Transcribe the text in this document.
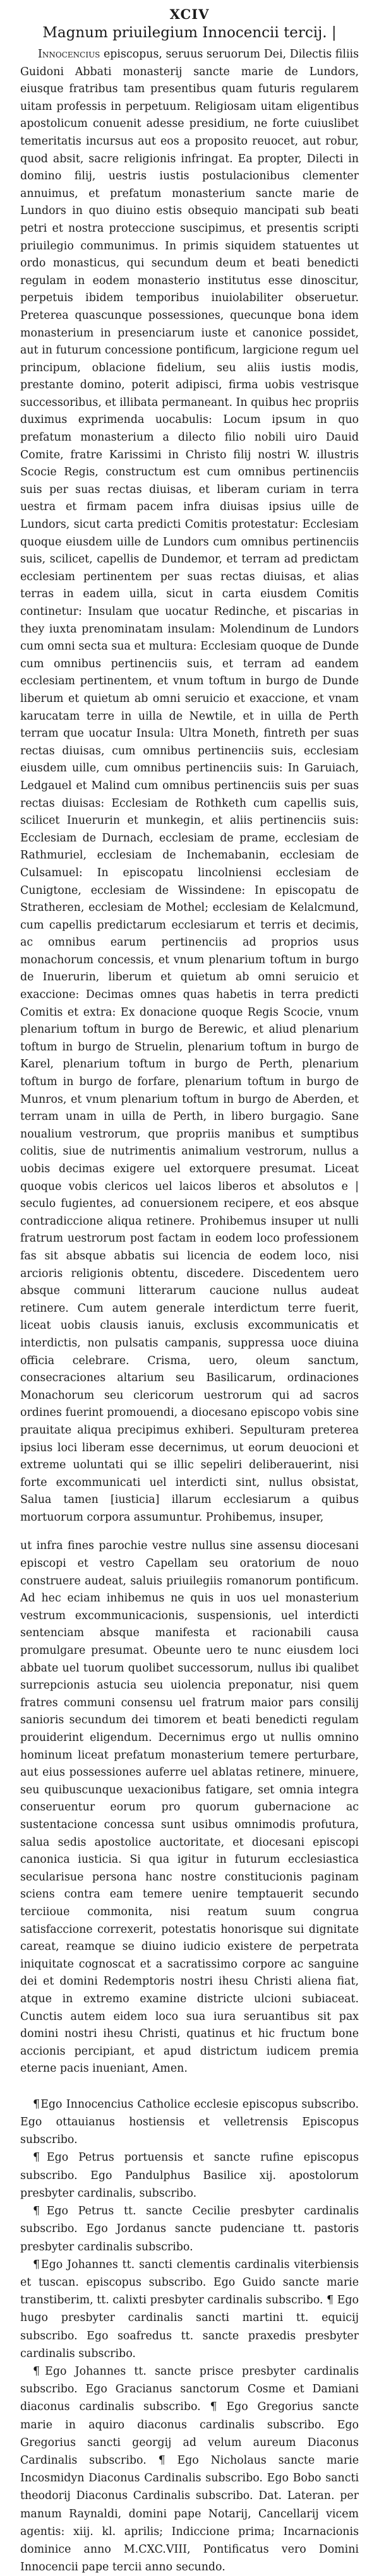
XCIV
Magnum priuilegium Innocencii tercij. |

Innocencius episcopus, seruus seruorum Dei, Dilectis filiis Guidoni Abbati monasterij sancte marie de Lundors, eiusque fratribus tam presentibus quam futuris regularem uitam professis in perpetuum. Religiosam uitam eligentibus apostolicum conuenit adesse presidium, ne forte cuiuslibet temeritatis incursus aut eos a proposito reuocet, aut robur, quod absit, sacre religionis infringat. Ea propter, Dilecti in domino filij, uestris iustis postulacionibus clementer annuimus, et prefatum monasterium sancte marie de Lundors in quo diuino estis obsequio mancipati sub beati petri et nostra proteccione suscipimus, et presentis scripti priuilegio communimus. In primis siquidem statuentes ut ordo monasticus, qui secundum deum et beati benedicti regulam in eodem monasterio institutus esse dinoscitur, perpetuis ibidem temporibus inuiolabiliter obseruetur. Preterea quascunque possessiones, quecunque bona idem monasterium in presenciarum iuste et canonice possidet, aut in futurum concessione pontificum, largicione regum uel principum, oblacione fidelium, seu aliis iustis modis, prestante domino, poterit adipisci, firma uobis vestrisque successoribus, et illibata permaneant. In quibus hec propriis duximus exprimenda uocabulis: Locum ipsum in quo prefatum monasterium a dilecto filio nobili uiro Dauid Comite, fratre Karissimi in Christo filij nostri W. illustris Scocie Regis, constructum est cum omnibus pertinenciis suis per suas rectas diuisas, et liberam curiam in terra uestra et firmam pacem infra diuisas ipsius uille de Lundors, sicut carta predicti Comitis protestatur: Ecclesiam quoque eiusdem uille de Lundors cum omnibus pertinenciis suis, scilicet, capellis de Dundemor, et terram ad predictam ecclesiam pertinentem per suas rectas diuisas, et alias terras in eadem uilla, sicut in carta eiusdem Comitis continetur: Insulam que uocatur Redinche, et piscarias in they iuxta prenominatam insulam: Molendinum de Lundors cum omni secta sua et multura: Ecclesiam quoque de Dunde cum omnibus pertinenciis suis, et terram ad eandem ecclesiam pertinentem, et vnum toftum in burgo de Dunde liberum et quietum ab omni seruicio et exaccione, et vnam karucatam terre in uilla de Newtile, et in uilla de Perth terram que uocatur Insula: Ultra Moneth, fintreth per suas rectas diuisas, cum omnibus pertinenciis suis, ecclesiam eiusdem uille, cum omnibus pertinenciis suis: In Garuiach, Ledgauel et Malind cum omnibus pertinenciis suis per suas rectas diuisas: Ecclesiam de Rothketh cum capellis suis, scilicet Inuerurin et munkegin, et aliis pertinenciis suis: Ecclesiam de Durnach, ecclesiam de prame, ecclesiam de Rathmuriel, ecclesiam de Inchemabanin, ecclesiam de Culsamuel: In episcopatu lincolniensi ecclesiam de Cunigtone, ecclesiam de Wissindene: In episcopatu de Stratheren, ecclesiam de Mothel; ecclesiam de Kelalcmund, cum capellis predictarum ecclesiarum et terris et decimis, ac omnibus earum pertinenciis ad proprios usus monachorum concessis, et vnum plenarium toftum in burgo de Inuerurin, liberum et quietum ab omni seruicio et exaccione: Decimas omnes quas habetis in terra predicti Comitis et extra: Ex donacione quoque Regis Scocie, vnum plenarium toftum in burgo de Berewic, et aliud plenarium toftum in burgo de Struelin, plenarium toftum in burgo de Karel, plenarium toftum in burgo de Perth, plenarium toftum in burgo de forfare, plenarium toftum in burgo de Munros, et vnum plenarium toftum in burgo de Aberden, et terram unam in uilla de Perth, in libero burgagio. Sane noualium vestrorum, que propriis manibus et sumptibus colitis, siue de nutrimentis animalium vestrorum, nullus a uobis decimas exigere uel extorquere presumat. Liceat quoque vobis clericos uel laicos liberos et absolutos e | seculo fugientes, ad conuersionem recipere, et eos absque contradiccione aliqua retinere. Prohibemus insuper ut nulli fratrum uestrorum post factam in eodem loco professionem fas sit absque abbatis sui licencia de eodem loco, nisi arcioris religionis obtentu, discedere. Discedentem uero absque communi litterarum caucione nullus audeat retinere. Cum autem generale interdictum terre fuerit, liceat uobis clausis ianuis, exclusis excommunicatis et interdictis, non pulsatis campanis, suppressa uoce diuina officia celebrare. Crisma, uero, oleum sanctum, consecraciones altarium seu Basilicarum, ordinaciones Monachorum seu clericorum uestrorum qui ad sacros ordines fuerint promouendi, a diocesano episcopo vobis sine prauitate aliqua precipimus exhiberi. Sepulturam preterea ipsius loci liberam esse decernimus, ut eorum deuocioni et extreme uoluntati qui se illic sepeliri deliberauerint, nisi forte excommunicati uel interdicti sint, nullus obsistat, Salua tamen [iusticia] illarum ecclesiarum a quibus mortuorum corpora assumuntur. Prohibemus, insuper,

ut infra fines parochie vestre nullus sine assensu diocesani episcopi et vestro Capellam seu oratorium de nouo construere audeat, saluis priuilegiis romanorum pontificum. Ad hec eciam inhibemus ne quis in uos uel monasterium vestrum excommunicacionis, suspensionis, uel interdicti sentenciam absque manifesta et racionabili causa promulgare presumat. Obeunte uero te nunc eiusdem loci abbate uel tuorum quolibet successorum, nullus ibi qualibet surrepcionis astucia seu uiolencia preponatur, nisi quem fratres communi consensu uel fratrum maior pars consilij sanioris secundum dei timorem et beati benedicti regulam prouiderint eligendum. Decernimus ergo ut nullis omnino hominum liceat prefatum monasterium temere perturbare, aut eius possessiones auferre uel ablatas retinere, minuere, seu quibuscunque uexacionibus fatigare, set omnia integra conseruentur eorum pro quorum gubernacione ac sustentacione concessa sunt usibus omnimodis profutura, salua sedis apostolice auctoritate, et diocesani episcopi canonica iusticia. Si qua igitur in futurum ecclesiastica secularisue persona hanc nostre constitucionis paginam sciens contra eam temere uenire temptauerit secundo terciioue commonita, nisi reatum suum congrua satisfaccione correxerit, potestatis honorisque sui dignitate careat, reamque se diuino iudicio existere de perpetrata iniquitate cognoscat et a sacratissimo corpore ac sanguine dei et domini Redemptoris nostri ihesu Christi aliena fiat, atque in extremo examine districte ulcioni subiaceat. Cunctis autem eidem loco sua iura seruantibus sit pax domini nostri ihesu Christi, quatinus et hic fructum bone accionis percipiant, et apud districtum iudicem premia eterne pacis inueniant, Amen.

¶ Ego Innocencius Catholice ecclesie episcopus subscribo. Ego ottauianus hostiensis et velletrensis Episcopus subscribo.

¶ Ego Petrus portuensis et sancte rufine episcopus subscribo. Ego Pandulphus Basilice xij. apostolorum presbyter cardinalis, subscribo.

¶ Ego Petrus tt. sancte Cecilie presbyter cardinalis subscribo. Ego Jordanus sancte pudenciane tt. pastoris presbyter cardinalis subscribo.

¶ Ego Johannes tt. sancti clementis cardinalis viterbiensis et tuscan. episcopus subscribo. Ego Guido sancte marie transtiberim, tt. calixti presbyter cardinalis subscribo. ¶ Ego hugo presbyter cardinalis sancti martini tt. equicij subscribo. Ego soafredus tt. sancte praxedis presbyter cardinalis subscribo.

¶ Ego Johannes tt. sancte prisce presbyter cardinalis subscribo. Ego Gracianus sanctorum Cosme et Damiani diaconus cardinalis subscribo. ¶ Ego Gregorius sancte marie in aquiro diaconus cardinalis subscribo. Ego Gregorius sancti georgij ad velum aureum Diaconus Cardinalis subscribo. ¶ Ego Nicholaus sancte marie Incosmidyn Diaconus Cardinalis subscribo. Ego Bobo sancti theodorij Diaconus Cardinalis subscribo. Dat. Lateran. per manum Raynaldi, domini pape Notarij, Cancellarij vicem agentis: xiij. kl. aprilis; Indiccione prima; Incarnacionis dominice anno M.CXC.VIII, Pontificatus vero Domini Innocencii pape tercii anno secundo.
